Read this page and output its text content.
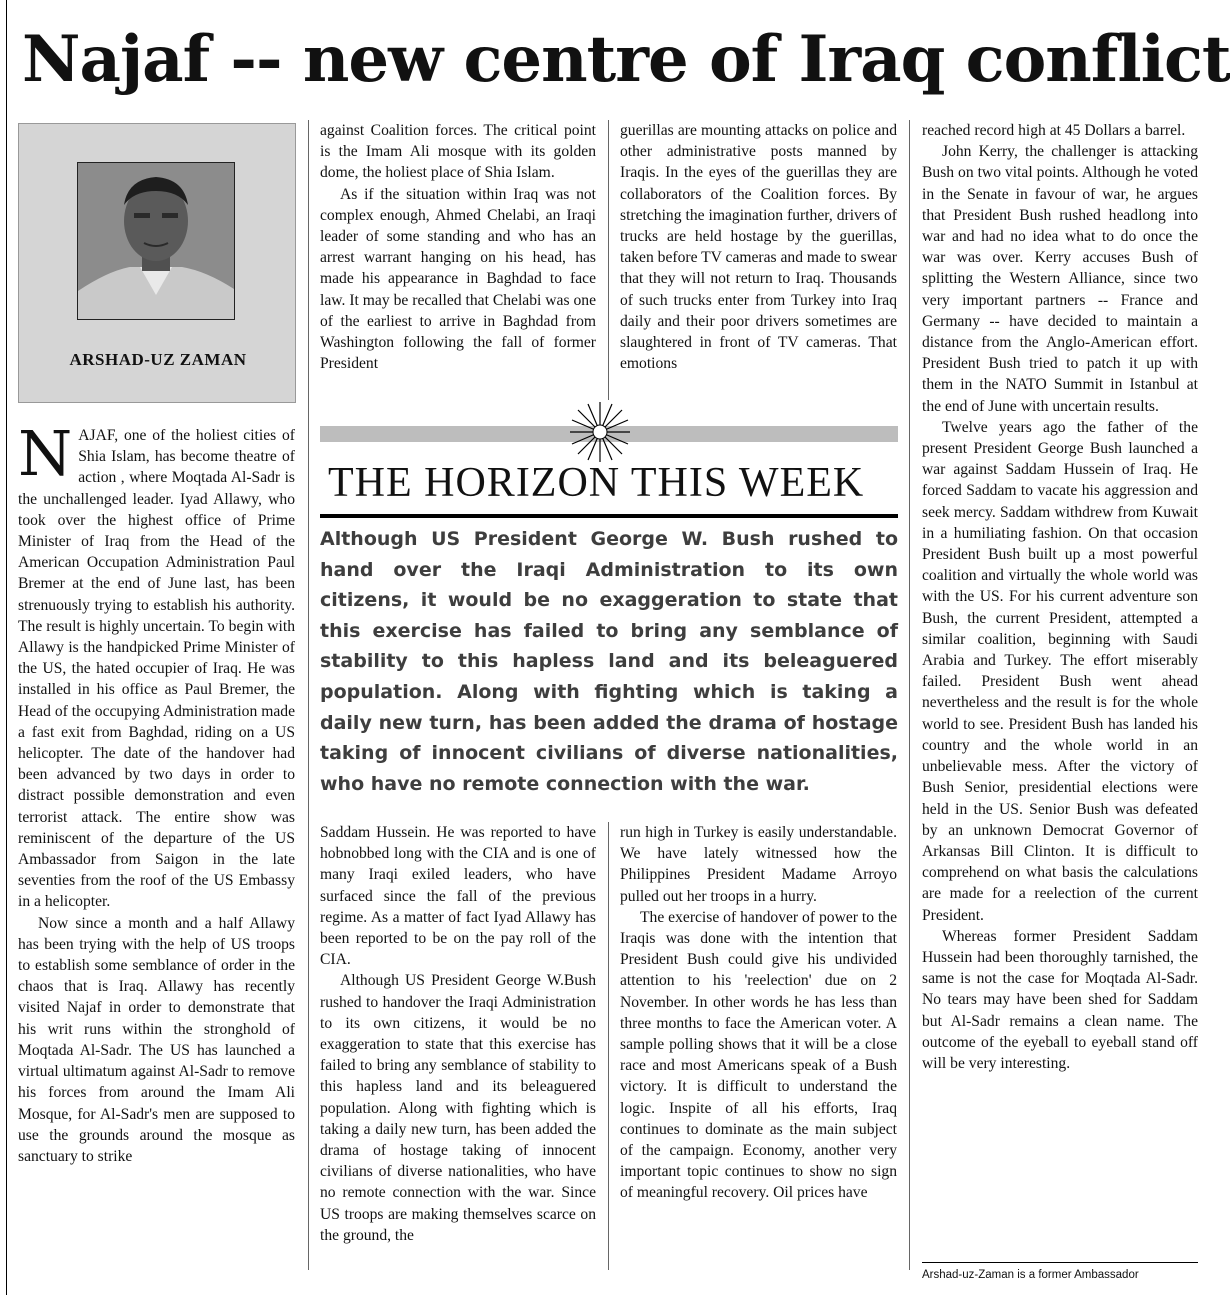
Najaf -- new centre of Iraq conflict
ARSHAD-UZ ZAMAN

NAJAF, one of the holiest cities of Shia Islam, has become theatre of action , where Moqtada Al-Sadr is the unchallenged leader. Iyad Allawy, who took over the highest office of Prime Minister of Iraq from the Head of the American Occupation Administration Paul Bremer at the end of June last, has been strenuously trying to establish his authority. The result is highly uncertain. To begin with Allawy is the handpicked Prime Minister of the US, the hated occupier of Iraq. He was installed in his office as Paul Bremer, the Head of the occupying Administration made a fast exit from Baghdad, riding on a US helicopter. The date of the handover had been advanced by two days in order to distract possible demonstration and even terrorist attack. The entire show was reminiscent of the departure of the US Ambassador from Saigon in the late seventies from the roof of the US Embassy in a helicopter.

Now since a month and a half Allawy has been trying with the help of US troops to establish some semblance of order in the chaos that is Iraq. Allawy has recently visited Najaf in order to demonstrate that his writ runs within the stronghold of Moqtada Al-Sadr. The US has launched a virtual ultimatum against Al-Sadr to remove his forces from around the Imam Ali Mosque, for Al-Sadr's men are supposed to use the grounds around the mosque as sanctuary to strike

against Coalition forces. The critical point is the Imam Ali mosque with its golden dome, the holiest place of Shia Islam.

As if the situation within Iraq was not complex enough, Ahmed Chelabi, an Iraqi leader of some standing and who has an arrest warrant hanging on his head, has made his appearance in Baghdad to face law. It may be recalled that Chelabi was one of the earliest to arrive in Baghdad from Washington following the fall of former President

guerillas are mounting attacks on police and other administrative posts manned by Iraqis. In the eyes of the guerillas they are collaborators of the Coalition forces. By stretching the imagination further, drivers of trucks are held hostage by the guerillas, taken before TV cameras and made to swear that they will not return to Iraq. Thousands of such trucks enter from Turkey into Iraq daily and their poor drivers sometimes are slaughtered in front of TV cameras. That emotions

THE HORIZON THIS WEEK
Although US President George W. Bush rushed to hand over the Iraqi Administration to its own citizens, it would be no exaggeration to state that this exercise has failed to bring any semblance of stability to this hapless land and its beleaguered population. Along with fighting which is taking a daily new turn, has been added the drama of hostage taking of innocent civilians of diverse nationalities, who have no remote connection with the war.

Saddam Hussein. He was reported to have hobnobbed long with the CIA and is one of many Iraqi exiled leaders, who have surfaced since the fall of the previous regime. As a matter of fact Iyad Allawy has been reported to be on the pay roll of the CIA.

Although US President George W.Bush rushed to handover the Iraqi Administration to its own citizens, it would be no exaggeration to state that this exercise has failed to bring any semblance of stability to this hapless land and its beleaguered population. Along with fighting which is taking a daily new turn, has been added the drama of hostage taking of innocent civilians of diverse nationalities, who have no remote connection with the war. Since US troops are making themselves scarce on the ground, the

run high in Turkey is easily understandable. We have lately witnessed how the Philippines President Madame Arroyo pulled out her troops in a hurry.

The exercise of handover of power to the Iraqis was done with the intention that President Bush could give his undivided attention to his 'reelection' due on 2 November. In other words he has less than three months to face the American voter. A sample polling shows that it will be a close race and most Americans speak of a Bush victory. It is difficult to understand the logic. Inspite of all his efforts, Iraq continues to dominate as the main subject of the campaign. Economy, another very important topic continues to show no sign of meaningful recovery. Oil prices have

reached record high at 45 Dollars a barrel.

John Kerry, the challenger is attacking Bush on two vital points. Although he voted in the Senate in favour of war, he argues that President Bush rushed headlong into war and had no idea what to do once the war was over. Kerry accuses Bush of splitting the Western Alliance, since two very important partners -- France and Germany -- have decided to maintain a distance from the Anglo-American effort. President Bush tried to patch it up with them in the NATO Summit in Istanbul at the end of June with uncertain results.

Twelve years ago the father of the present President George Bush launched a war against Saddam Hussein of Iraq. He forced Saddam to vacate his aggression and seek mercy. Saddam withdrew from Kuwait in a humiliating fashion. On that occasion President Bush built up a most powerful coalition and virtually the whole world was with the US. For his current adventure son Bush, the current President, attempted a similar coalition, beginning with Saudi Arabia and Turkey. The effort miserably failed. President Bush went ahead nevertheless and the result is for the whole world to see. President Bush has landed his country and the whole world in an unbelievable mess. After the victory of Bush Senior, presidential elections were held in the US. Senior Bush was defeated by an unknown Democrat Governor of Arkansas Bill Clinton. It is difficult to comprehend on what basis the calculations are made for a reelection of the current President.

Whereas former President Saddam Hussein had been thoroughly tarnished, the same is not the case for Moqtada Al-Sadr. No tears may have been shed for Saddam but Al-Sadr remains a clean name. The outcome of the eyeball to eyeball stand off will be very interesting.

Arshad-uz-Zaman is a former Ambassador
